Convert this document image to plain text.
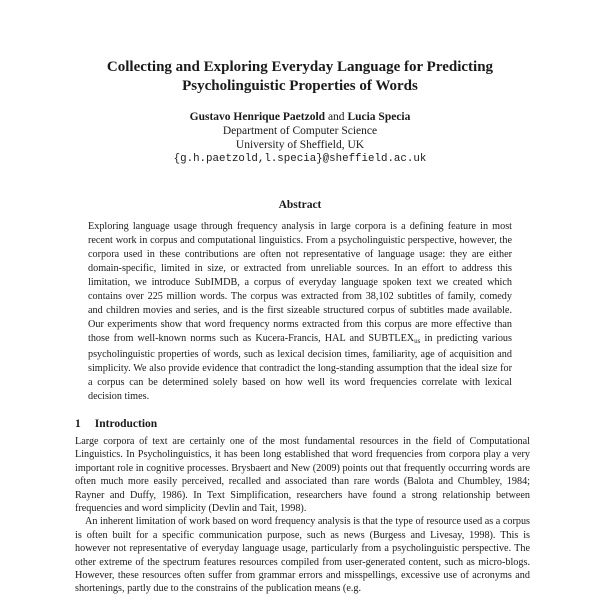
Collecting and Exploring Everyday Language for Predicting
Psycholinguistic Properties of Words
Gustavo Henrique Paetzold and Lucia Specia
Department of Computer Science
University of Sheffield, UK
{g.h.paetzold,l.specia}@sheffield.ac.uk
Abstract

Exploring language usage through frequency analysis in large corpora is a defining feature in most recent work in corpus and computational linguistics. From a psycholinguistic perspective, however, the corpora used in these contributions are often not representative of language usage: they are either domain-specific, limited in size, or extracted from unreliable sources. In an effort to address this limitation, we introduce SubIMDB, a corpus of everyday language spoken text we created which contains over 225 million words. The corpus was extracted from 38,102 subtitles of family, comedy and children movies and series, and is the first sizeable structured corpus of subtitles made available. Our experiments show that word frequency norms extracted from this corpus are more effective than those from well-known norms such as Kucera-Francis, HAL and $SUBTLEX_{us}$ in predicting various psycholinguistic properties of words, such as lexical decision times, familiarity, age of acquisition and simplicity. We also provide evidence that contradict the long-standing assumption that the ideal size for a corpus can be determined solely based on how well its word frequencies correlate with lexical decision times.

1 Introduction

Large corpora of text are certainly one of the most fundamental resources in the field of Computational Linguistics. In Psycholinguistics, it has been long established that word frequencies from corpora play a very important role in cognitive processes. Brysbaert and New (2009) points out that frequently occurring words are often much more easily perceived, recalled and associated than rare words (Balota and Chumbley, 1984; Rayner and Duffy, 1986). In Text Simplification, researchers have found a strong relationship between frequencies and word simplicity (Devlin and Tait, 1998).

An inherent limitation of work based on word frequency analysis is that the type of resource used as a corpus is often built for a specific communication purpose, such as news (Burgess and Livesay, 1998). This is however not representative of everyday language usage, particularly from a psycholinguistic perspective. The other extreme of the spectrum features resources compiled from user-generated content, such as micro-blogs. However, these resources often suffer from grammar errors and misspellings, excessive use of acronyms and shortenings, partly due to the constrains of the publication means (e.g.
